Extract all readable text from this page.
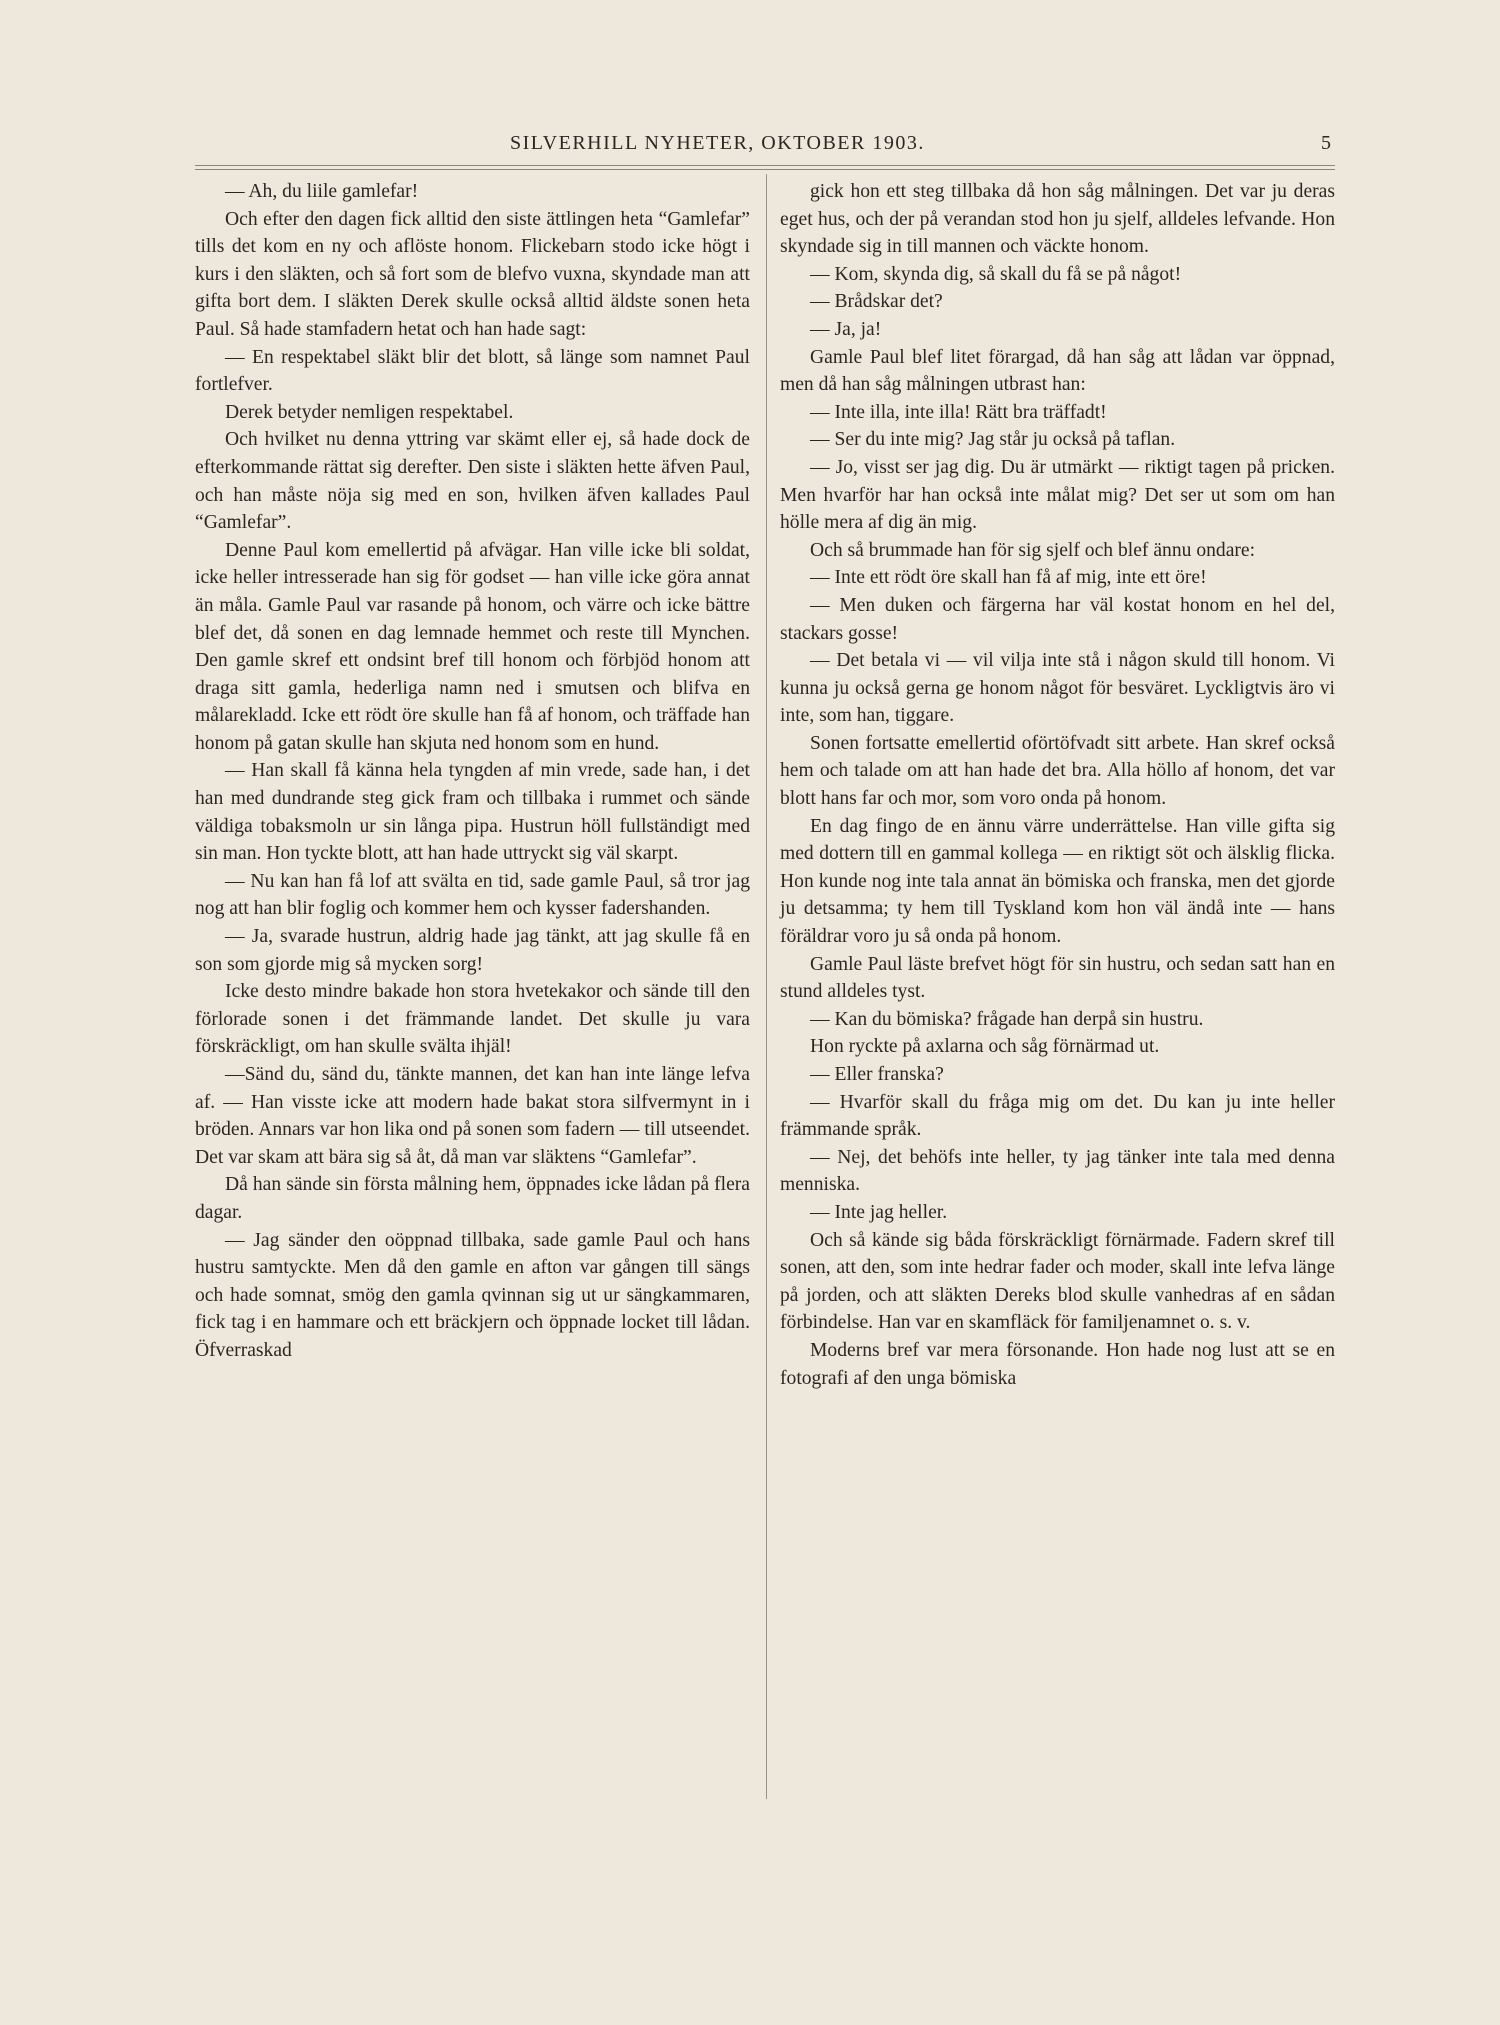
SILVERHILL NYHETER, OKTOBER 1903.	5

— Ah, du liile gamlefar!

Och efter den dagen fick alltid den siste ättlingen heta “Gamlefar” tills det kom en ny och aflöste honom. Flickebarn stodo icke högt i kurs i den släkten, och så fort som de blefvo vuxna, skyndade man att gifta bort dem. I släkten Derek skulle också alltid äldste sonen heta Paul. Så hade stamfadern hetat och han hade sagt:

— En respektabel släkt blir det blott, så länge som namnet Paul fortlefver.

Derek betyder nemligen respektabel.

Och hvilket nu denna yttring var skämt eller ej, så hade dock de efterkommande rättat sig derefter. Den siste i släkten hette äfven Paul, och han måste nöja sig med en son, hvilken äfven kallades Paul “Gamlefar”.

Denne Paul kom emellertid på afvägar. Han ville icke bli soldat, icke heller intresserade han sig för godset — han ville icke göra annat än måla. Gamle Paul var rasande på honom, och värre och icke bättre blef det, då sonen en dag lemnade hemmet och reste till Mynchen. Den gamle skref ett ondsint bref till honom och förbjöd honom att draga sitt gamla, hederliga namn ned i smutsen och blifva en målarekladd. Icke ett rödt öre skulle han få af honom, och träffade han honom på gatan skulle han skjuta ned honom som en hund.

— Han skall få känna hela tyngden af min vrede, sade han, i det han med dundrande steg gick fram och tillbaka i rummet och sände väldiga tobaksmoln ur sin långa pipa. Hustrun höll fullständigt med sin man. Hon tyckte blott, att han hade uttryckt sig väl skarpt.

— Nu kan han få lof att svälta en tid, sade gamle Paul, så tror jag nog att han blir foglig och kommer hem och kysser fadershanden.

— Ja, svarade hustrun, aldrig hade jag tänkt, att jag skulle få en son som gjorde mig så mycken sorg!

Icke desto mindre bakade hon stora hvetekakor och sände till den förlorade sonen i det främmande landet. Det skulle ju vara förskräckligt, om han skulle svälta ihjäl!

—Sänd du, sänd du, tänkte mannen, det kan han inte länge lefva af. — Han visste icke att modern hade bakat stora silfvermynt in i bröden. Annars var hon lika ond på sonen som fadern — till utseendet. Det var skam att bära sig så åt, då man var släktens “Gamlefar”.

Då han sände sin första målning hem, öppnades icke lådan på flera dagar.

— Jag sänder den oöppnad tillbaka, sade gamle Paul och hans hustru samtyckte. Men då den gamle en afton var gången till sängs och hade somnat, smög den gamla qvinnan sig ut ur sängkammaren, fick tag i en hammare och ett bräckjern och öppnade locket till lådan. Öfverraskad

gick hon ett steg tillbaka då hon såg målningen. Det var ju deras eget hus, och der på verandan stod hon ju sjelf, alldeles lefvande. Hon skyndade sig in till mannen och väckte honom.

— Kom, skynda dig, så skall du få se på något!

— Brådskar det?

— Ja, ja!

Gamle Paul blef litet förargad, då han såg att lådan var öppnad, men då han såg målningen utbrast han:

— Inte illa, inte illa! Rätt bra träffadt!

— Ser du inte mig? Jag står ju också på taflan.

— Jo, visst ser jag dig. Du är utmärkt — riktigt tagen på pricken. Men hvarför har han också inte målat mig? Det ser ut som om han hölle mera af dig än mig.

Och så brummade han för sig sjelf och blef ännu ondare:

— Inte ett rödt öre skall han få af mig, inte ett öre!

— Men duken och färgerna har väl kostat honom en hel del, stackars gosse!

— Det betala vi — vil vilja inte stå i någon skuld till honom. Vi kunna ju också gerna ge honom något för besväret. Lyckligtvis äro vi inte, som han, tiggare.

Sonen fortsatte emellertid oförtöfvadt sitt arbete. Han skref också hem och talade om att han hade det bra. Alla höllo af honom, det var blott hans far och mor, som voro onda på honom.

En dag fingo de en ännu värre underrättelse. Han ville gifta sig med dottern till en gammal kollega — en riktigt söt och älsklig flicka. Hon kunde nog inte tala annat än bömiska och franska, men det gjorde ju detsamma; ty hem till Tyskland kom hon väl ändå inte — hans föräldrar voro ju så onda på honom.

Gamle Paul läste brefvet högt för sin hustru, och sedan satt han en stund alldeles tyst.

— Kan du bömiska? frågade han derpå sin hustru.

Hon ryckte på axlarna och såg förnärmad ut.

— Eller franska?

— Hvarför skall du fråga mig om det. Du kan ju inte heller främmande språk.

— Nej, det behöfs inte heller, ty jag tänker inte tala med denna menniska.

— Inte jag heller.

Och så kände sig båda förskräckligt förnärmade. Fadern skref till sonen, att den, som inte hedrar fader och moder, skall inte lefva länge på jorden, och att släkten Dereks blod skulle vanhedras af en sådan förbindelse. Han var en skamfläck för familjenamnet o. s. v.

Moderns bref var mera försonande. Hon hade nog lust att se en fotografi af den unga bömiska
